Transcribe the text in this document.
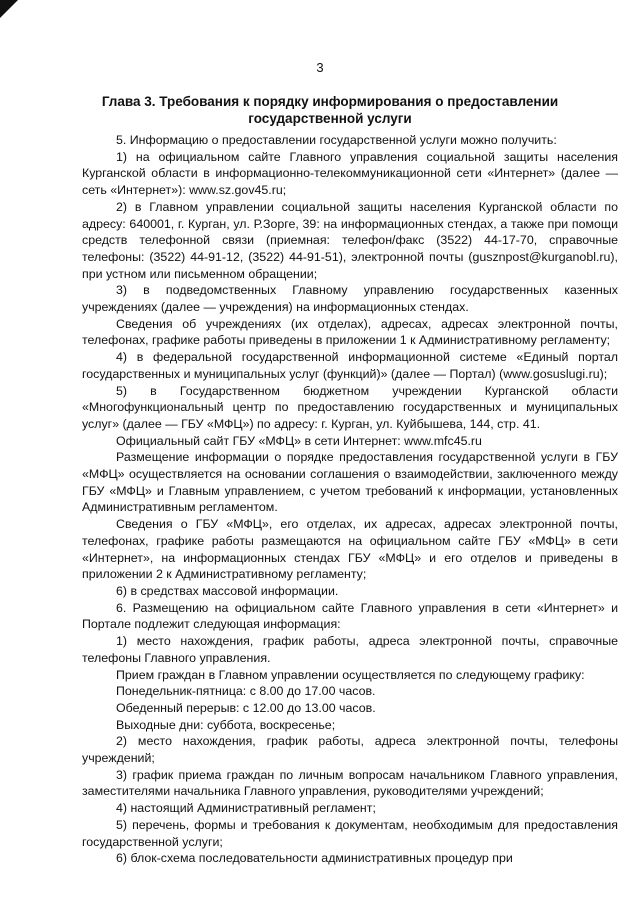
3
Глава 3. Требования к порядку информирования о предоставлении государственной услуги

5. Информацию о предоставлении государственной услуги можно получить:

1) на официальном сайте Главного управления социальной защиты населения Курганской области в информационно-телекоммуникационной сети «Интернет» (далее — сеть «Интернет»): www.sz.gov45.ru;

2) в Главном управлении социальной защиты населения Курганской области по адресу: 640001, г. Курган, ул. Р.Зорге, 39: на информационных стендах, а также при помощи средств телефонной связи (приемная: телефон/факс (3522) 44-17-70, справочные телефоны: (3522) 44-91-12, (3522) 44-91-51), электронной почты (gusznpost@kurganobl.ru), при устном или письменном обращении;

3) в подведомственных Главному управлению государственных казенных учреждениях (далее — учреждения) на информационных стендах.

Сведения об учреждениях (их отделах), адресах, адресах электронной почты, телефонах, графике работы приведены в приложении 1 к Административному регламенту;

4) в федеральной государственной информационной системе «Единый портал государственных и муниципальных услуг (функций)» (далее — Портал) (www.gosuslugi.ru);

5) в Государственном бюджетном учреждении Курганской области «Многофункциональный центр по предоставлению государственных и муниципальных услуг» (далее — ГБУ «МФЦ») по адресу: г. Курган, ул. Куйбышева, 144, стр. 41.

Официальный сайт ГБУ «МФЦ» в сети Интернет: www.mfc45.ru

Размещение информации о порядке предоставления государственной услуги в ГБУ «МФЦ» осуществляется на основании соглашения о взаимодействии, заключенного между ГБУ «МФЦ» и Главным управлением, с учетом требований к информации, установленных Административным регламентом.

Сведения о ГБУ «МФЦ», его отделах, их адресах, адресах электронной почты, телефонах, графике работы размещаются на официальном сайте ГБУ «МФЦ» в сети «Интернет», на информационных стендах ГБУ «МФЦ» и его отделов и приведены в приложении 2 к Административному регламенту;

6) в средствах массовой информации.

6. Размещению на официальном сайте Главного управления в сети «Интернет» и Портале подлежит следующая информация:

1) место нахождения, график работы, адреса электронной почты, справочные телефоны Главного управления.

Прием граждан в Главном управлении осуществляется по следующему графику:

Понедельник-пятница: с 8.00 до 17.00 часов.

Обеденный перерыв: с 12.00 до 13.00 часов.

Выходные дни: суббота, воскресенье;

2) место нахождения, график работы, адреса электронной почты, телефоны учреждений;

3) график приема граждан по личным вопросам начальником Главного управления, заместителями начальника Главного управления, руководителями учреждений;

4) настоящий Административный регламент;

5) перечень, формы и требования к документам, необходимым для предоставления государственной услуги;

6) блок-схема последовательности административных процедур при
